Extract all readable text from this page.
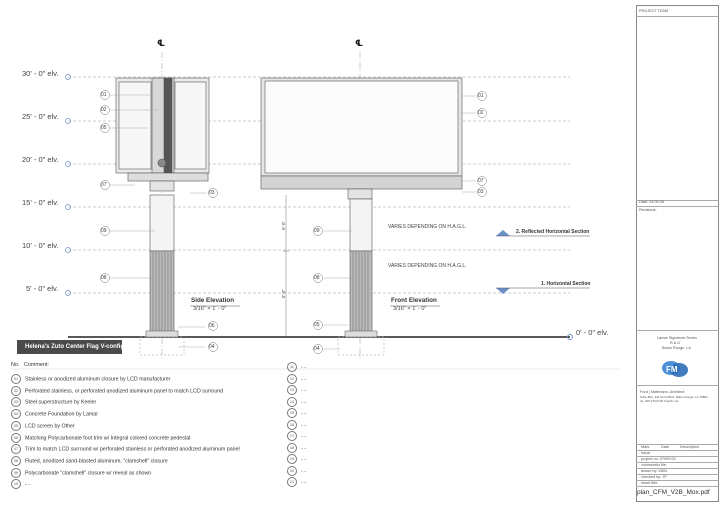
FM
℄	℄
30' - 0" elv.
25' - 0" elv.
20' - 0" elv.
15' - 0" elv.
10' - 0" elv.
5' - 0" elv.
0' - 0" elv.
01
02
05
07
09
06
08
04
03
01
02
07
03
09
08
05
04
VARIES DEPENDING ON H.A.G.L.
VARIES DEPENDING ON H.A.G.L.
6'-0"
8'-0"
2. Reflected Horizontal Section
1. Horizontal Section
Side Elevation
3/16" = 1' - 0"
Front Elevation
3/16" = 1' - 0"
Helena's Zuto Center Flag V-config.
No. Comment:
01 Stainless or anodized aluminum closure by LCD manufacturer
02 Perforated stainless, or perforated anodized aluminum panel to match LCD surround
03 Steel superstructure by Keeler
04 Concrete Foundation by Lamar
05 LCD screen by Other
06 Matching Polycarbonate foot trim w/ Integral colored concrete pedestal
07 Trim to match LCD surround w/ perforated stainless or perforated anodized aluminum panel
08 Fluted, anodized sand-blasted aluminum, "clamshell" closure
09 Polycarbonate "clamshell" closure w/ reveal as shown
10 - -
11 - -
12 - -
13 - -
14 - -
15 - -
16 - -
17 - -
18 - -
19 - -
20 - -
21 - -
PROJECT TEAM
Date: 03.05.08
Revisions:
Lamar Signature Series
R & D
Baton Rouge, LA
Ford | Mattmann, Architect
Suite 800, 445 North Blvd. Baton Rouge, LA 70802
tel. 225.379.6720 fmarch.net
Mark	Date	Description
issue:
project no: 07009.00
victorworks file:
drawn by: MDN
checked by: JP
sheet title:
plan_CFM_V2B_Mox.pdf
